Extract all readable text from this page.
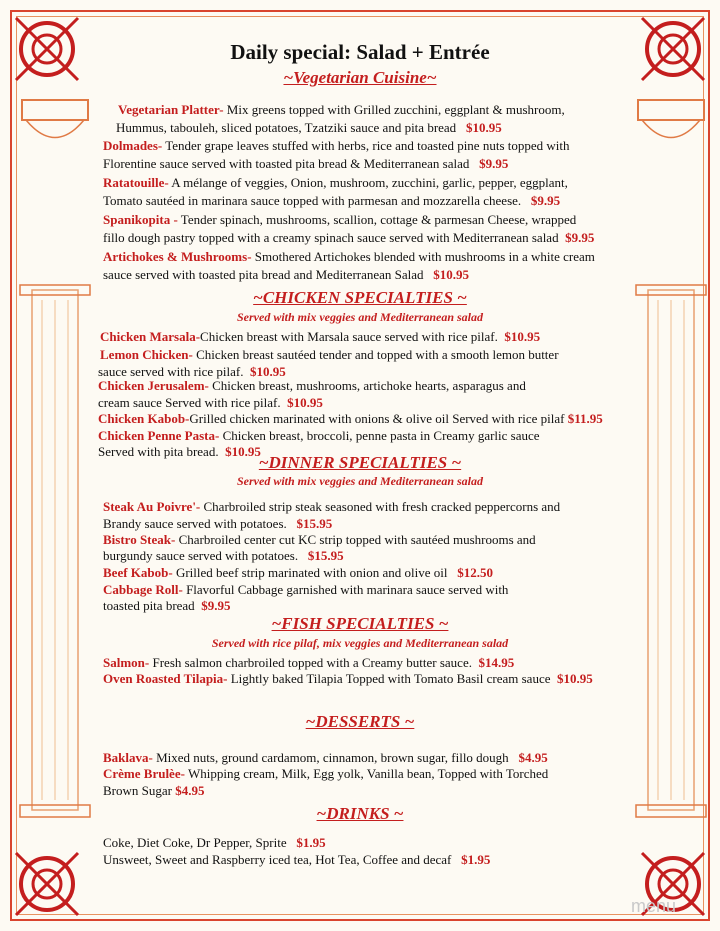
Daily special: Salad + Entrée
~Vegetarian Cuisine~
Vegetarian Platter- Mix greens topped with Grilled zucchini, eggplant & mushroom,
Hummus, tabouleh, sliced potatoes, Tzatziki sauce and pita bread $10.95
Dolmades- Tender grape leaves stuffed with herbs, rice and toasted pine nuts topped with
Florentine sauce served with toasted pita bread & Mediterranean salad $9.95
Ratatouille- A mélange of veggies, Onion, mushroom, zucchini, garlic, pepper, eggplant,
Tomato sautéed in marinara sauce topped with parmesan and mozzarella cheese. $9.95
Spanikopita - Tender spinach, mushrooms, scallion, cottage & parmesan Cheese, wrapped
fillo dough pastry topped with a creamy spinach sauce served with Mediterranean salad $9.95
Artichokes & Mushrooms- Smothered Artichokes blended with mushrooms in a white cream
sauce served with toasted pita bread and Mediterranean Salad $10.95
~CHICKEN SPECIALTIES ~
Served with mix veggies and Mediterranean salad
Chicken Marsala-Chicken breast with Marsala sauce served with rice pilaf. $10.95
Lemon Chicken- Chicken breast sautéed tender and topped with a smooth lemon butter
sauce served with rice pilaf. $10.95
Chicken Jerusalem- Chicken breast, mushrooms, artichoke hearts, asparagus and
cream sauce Served with rice pilaf. $10.95
Chicken Kabob-Grilled chicken marinated with onions & olive oil Served with rice pilaf $11.95
Chicken Penne Pasta- Chicken breast, broccoli, penne pasta in Creamy garlic sauce
Served with pita bread. $10.95
~DINNER SPECIALTIES ~
Served with mix veggies and Mediterranean salad
Steak Au Poivre'- Charbroiled strip steak seasoned with fresh cracked peppercorns and
Brandy sauce served with potatoes. $15.95
Bistro Steak- Charbroiled center cut KC strip topped with sautéed mushrooms and
burgundy sauce served with potatoes. $15.95
Beef Kabob- Grilled beef strip marinated with onion and olive oil $12.50
Cabbage Roll- Flavorful Cabbage garnished with marinara sauce served with
toasted pita bread $9.95
~FISH SPECIALTIES ~
Served with rice pilaf, mix veggies and Mediterranean salad
Salmon- Fresh salmon charbroiled topped with a Creamy butter sauce. $14.95
Oven Roasted Tilapia- Lightly baked Tilapia Topped with Tomato Basil cream sauce $10.95
~DESSERTS ~
Baklava- Mixed nuts, ground cardamom, cinnamon, brown sugar, fillo dough $4.95
Crème Brulèe- Whipping cream, Milk, Egg yolk, Vanilla bean, Topped with Torched
Brown Sugar $4.95
~DRINKS ~
Coke, Diet Coke, Dr Pepper, Sprite $1.95
Unsweet, Sweet and Raspberry iced tea, Hot Tea, Coffee and decaf $1.95
menu
